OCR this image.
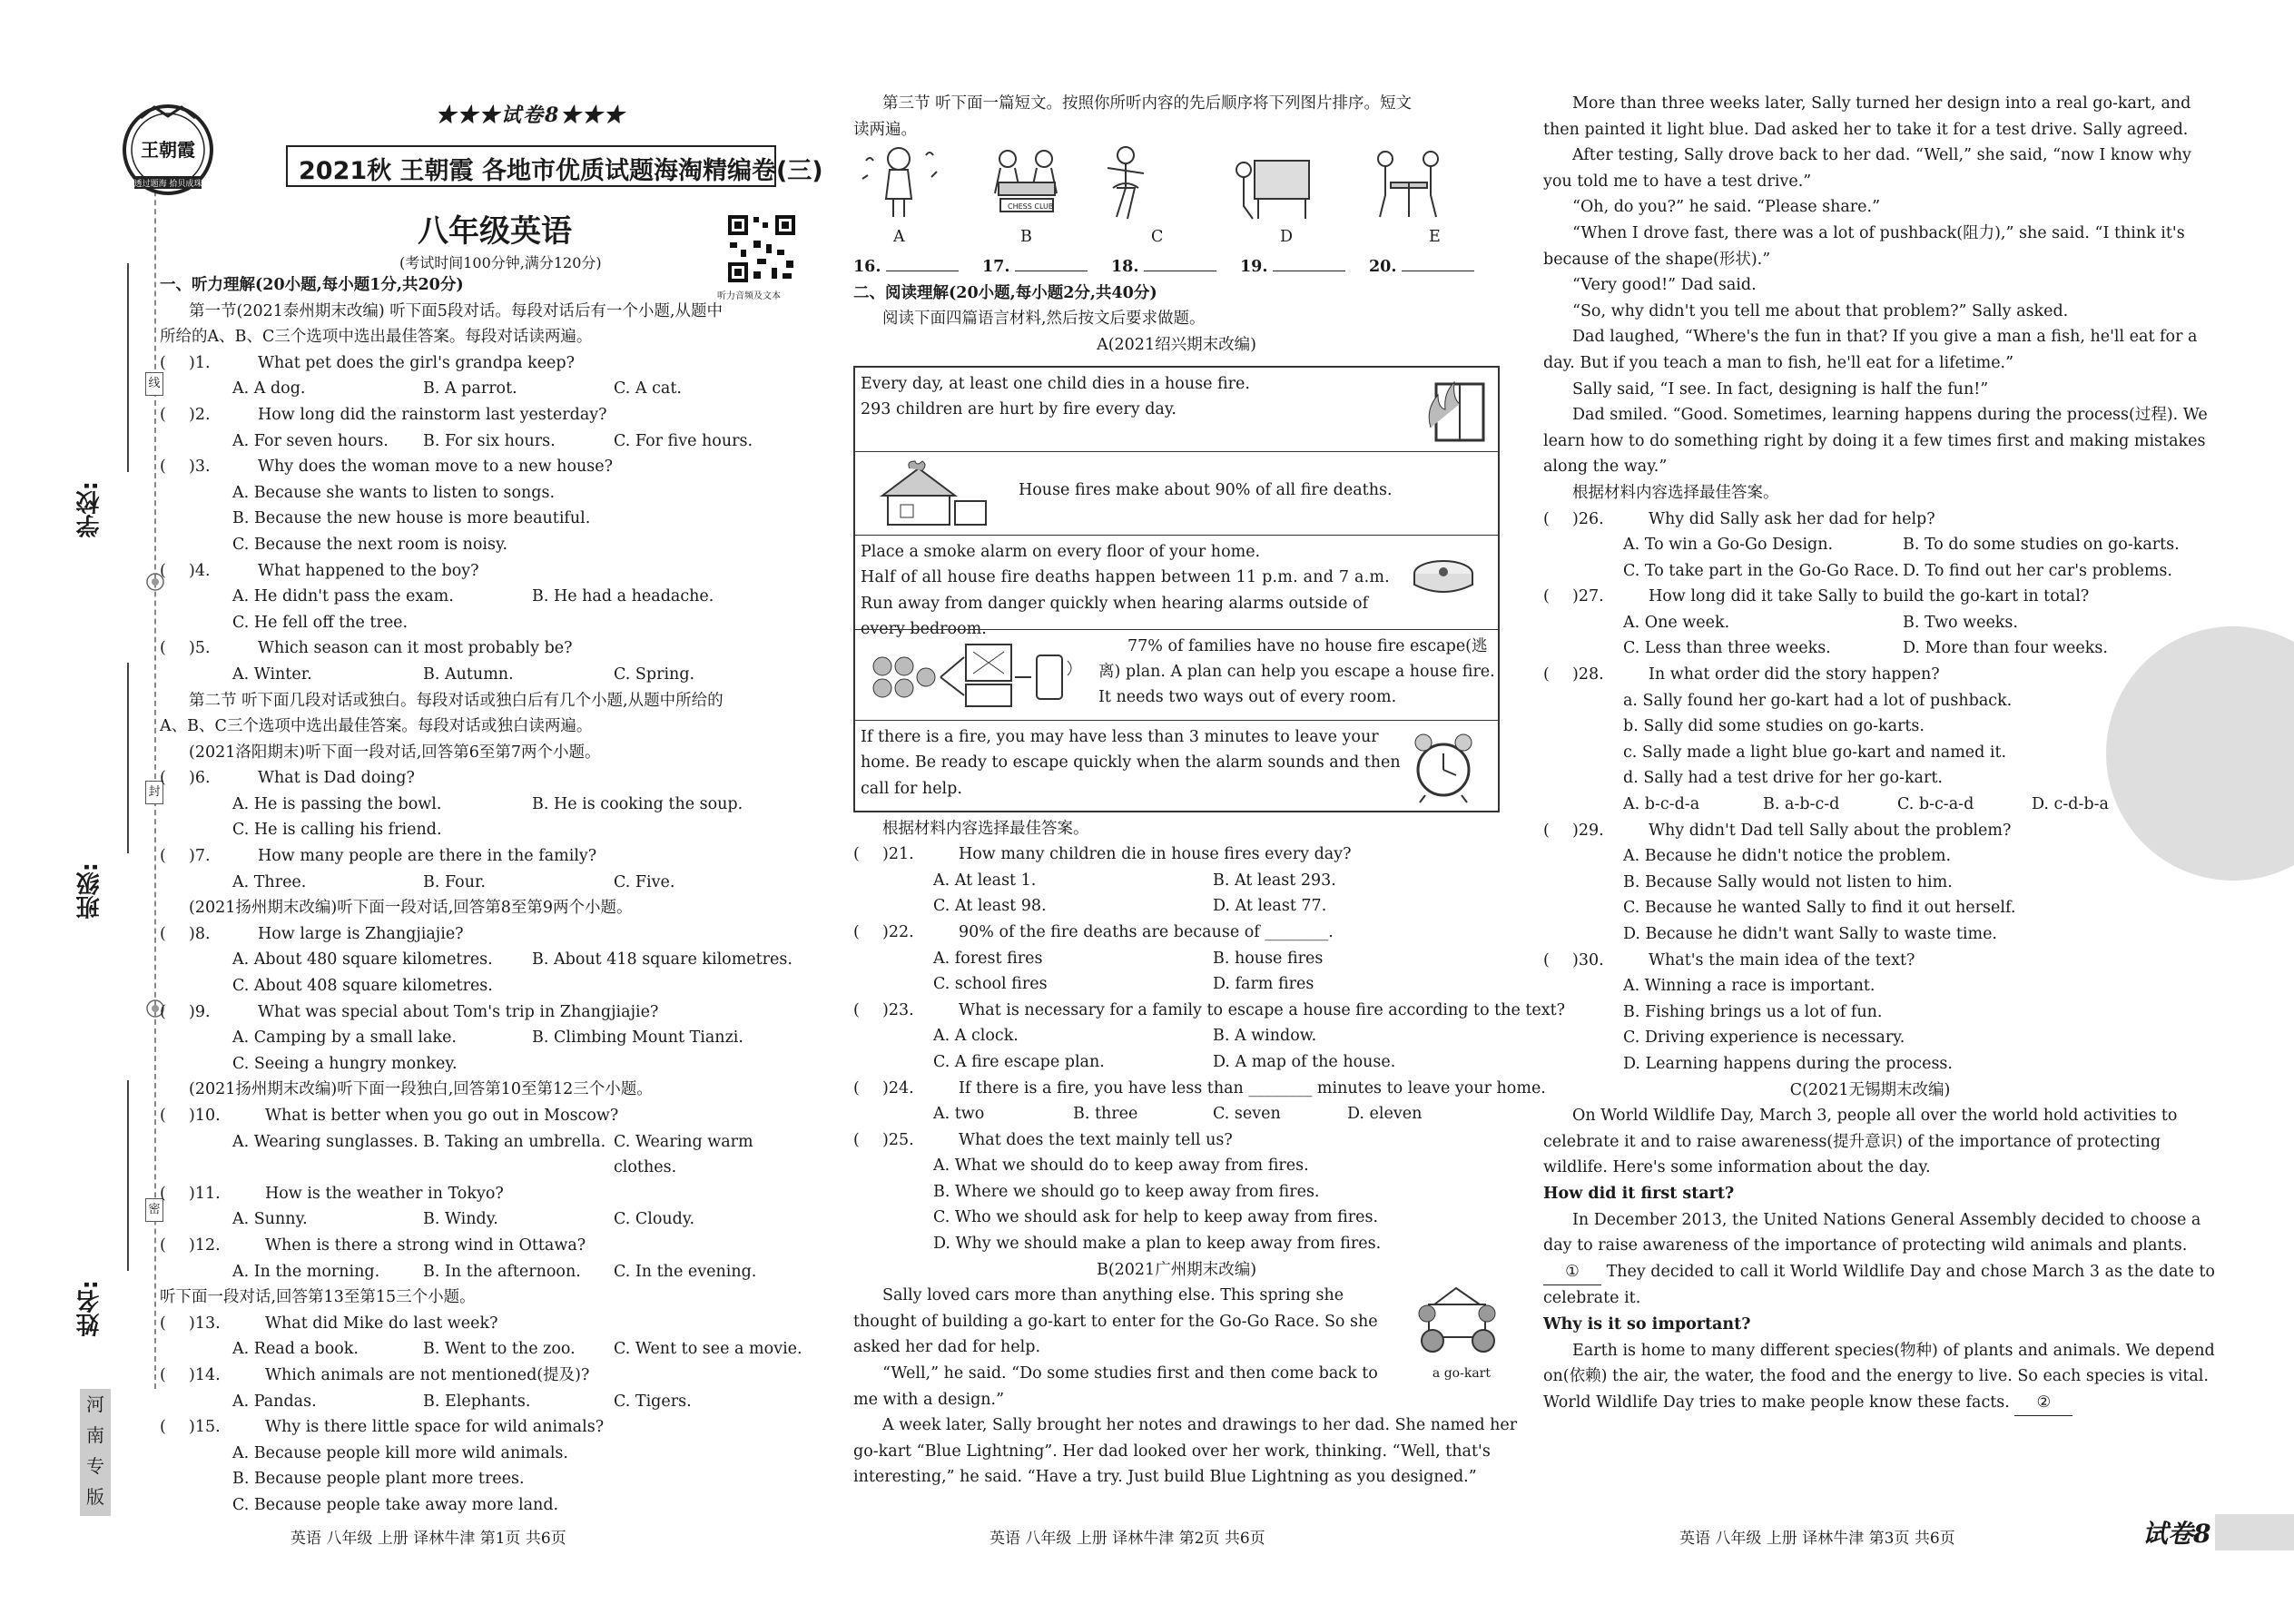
学校:
班级:
姓名:
线
封
密
河南专版
王朝霞
透过题海 拾贝成珠
★★★试卷8★★★
2021秋 王朝霞 各地市优质试题海淘精编卷(三)
八年级英语
(考试时间100分钟,满分120分)
听力音频及文本
一、听力理解(20小题,每小题1分,共20分)
第一节(2021泰州期末改编) 听下面5段对话。每段对话后有一个小题,从题中
所给的A、B、C三个选项中选出最佳答案。每段对话读两遍。
( )1.	What pet does the girl's grandpa keep?
A. A dog.	B. A parrot.	C. A cat.
( )2.	How long did the rainstorm last yesterday?
A. For seven hours.	B. For six hours.	C. For five hours.
( )3.	Why does the woman move to a new house?
A. Because she wants to listen to songs.
B. Because the new house is more beautiful.
C. Because the next room is noisy.
( )4.	What happened to the boy?
A. He didn't pass the exam.	B. He had a headache.
C. He fell off the tree.
( )5.	Which season can it most probably be?
A. Winter.	B. Autumn.	C. Spring.
第二节 听下面几段对话或独白。每段对话或独白后有几个小题,从题中所给的
A、B、C三个选项中选出最佳答案。每段对话或独白读两遍。
(2021洛阳期末)听下面一段对话,回答第6至第7两个小题。
( )6.	What is Dad doing?
A. He is passing the bowl.	B. He is cooking the soup.
C. He is calling his friend.
( )7.	How many people are there in the family?
A. Three.	B. Four.	C. Five.
(2021扬州期末改编)听下面一段对话,回答第8至第9两个小题。
( )8.	How large is Zhangjiajie?
A. About 480 square kilometres.	B. About 418 square kilometres.
C. About 408 square kilometres.
( )9.	What was special about Tom's trip in Zhangjiajie?
A. Camping by a small lake.	B. Climbing Mount Tianzi.
C. Seeing a hungry monkey.
(2021扬州期末改编)听下面一段独白,回答第10至第12三个小题。
( )10.	What is better when you go out in Moscow?
A. Wearing sunglasses. B. Taking an umbrella. C. Wearing warm clothes.
( )11.	How is the weather in Tokyo?
A. Sunny.	B. Windy.	C. Cloudy.
( )12.	When is there a strong wind in Ottawa?
A. In the morning.	B. In the afternoon.	C. In the evening.
听下面一段对话,回答第13至第15三个小题。
( )13.	What did Mike do last week?
A. Read a book.	B. Went to the zoo.	C. Went to see a movie.
( )14.	Which animals are not mentioned(提及)?
A. Pandas.	B. Elephants.	C. Tigers.
( )15.	Why is there little space for wild animals?
A. Because people kill more wild animals.
B. Because people plant more trees.
C. Because people take away more land.
第三节 听下面一篇短文。按照你所听内容的先后顺序将下列图片排序。短文
读两遍。
CHESS CLUB
A	B	C	D	E
16.	17.	18.	19.	20.
二、阅读理解(20小题,每小题2分,共40分)
阅读下面四篇语言材料,然后按文后要求做题。
A(2021绍兴期末改编)
Every day, at least one child dies in a house fire.
293 children are hurt by fire every day.
House fires make about 90% of all fire deaths.
Place a smoke alarm on every floor of your home.
Half of all house fire deaths happen between 11 p.m. and 7 a.m.
Run away from danger quickly when hearing alarms outside of
every bedroom.
77% of families have no house fire escape(逃
离) plan. A plan can help you escape a house fire.
It needs two ways out of every room.
If there is a fire, you may have less than 3 minutes to leave your
home. Be ready to escape quickly when the alarm sounds and then
call for help.
根据材料内容选择最佳答案。
( )21.	How many children die in house fires every day?
A. At least 1.	B. At least 293.
C. At least 98.	D. At least 77.
( )22.	90% of the fire deaths are because of ________.
A. forest fires	B. house fires
C. school fires	D. farm fires
( )23.	What is necessary for a family to escape a house fire according to the text?
A. A clock.	B. A window.
C. A fire escape plan.	D. A map of the house.
( )24.	If there is a fire, you have less than ________ minutes to leave your home.
A. two	B. three	C. seven	D. eleven
( )25.	What does the text mainly tell us?
A. What we should do to keep away from fires.
B. Where we should go to keep away from fires.
C. Who we should ask for help to keep away from fires.
D. Why we should make a plan to keep away from fires.
B(2021广州期末改编)
a go-kart
Sally loved cars more than anything else. This spring she
thought of building a go-kart to enter for the Go-Go Race. So she
asked her dad for help.
“Well,” he said. “Do some studies first and then come back to
me with a design.”
A week later, Sally brought her notes and drawings to her dad. She named her
go-kart “Blue Lightning”. Her dad looked over her work, thinking. “Well, that's
interesting,” he said. “Have a try. Just build Blue Lightning as you designed.”
More than three weeks later, Sally turned her design into a real go-kart, and
then painted it light blue. Dad asked her to take it for a test drive. Sally agreed.
After testing, Sally drove back to her dad. “Well,” she said, “now I know why
you told me to have a test drive.”
“Oh, do you?” he said. “Please share.”
“When I drove fast, there was a lot of pushback(阻力),” she said. “I think it's
because of the shape(形状).”
“Very good!” Dad said.
“So, why didn't you tell me about that problem?” Sally asked.
Dad laughed, “Where's the fun in that? If you give a man a fish, he'll eat for a
day. But if you teach a man to fish, he'll eat for a lifetime.”
Sally said, “I see. In fact, designing is half the fun!”
Dad smiled. “Good. Sometimes, learning happens during the process(过程). We
learn how to do something right by doing it a few times first and making mistakes
along the way.”
根据材料内容选择最佳答案。
( )26.	Why did Sally ask her dad for help?
A. To win a Go-Go Design.	B. To do some studies on go-karts.
C. To take part in the Go-Go Race. D. To find out her car's problems.
( )27.	How long did it take Sally to build the go-kart in total?
A. One week.	B. Two weeks.
C. Less than three weeks.	D. More than four weeks.
( )28.	In what order did the story happen?
a. Sally found her go-kart had a lot of pushback.
b. Sally did some studies on go-karts.
c. Sally made a light blue go-kart and named it.
d. Sally had a test drive for her go-kart.
A. b-c-d-a	B. a-b-c-d	C. b-c-a-d	D. c-d-b-a
( )29.	Why didn't Dad tell Sally about the problem?
A. Because he didn't notice the problem.
B. Because Sally would not listen to him.
C. Because he wanted Sally to find it out herself.
D. Because he didn't want Sally to waste time.
( )30.	What's the main idea of the text?
A. Winning a race is important.
B. Fishing brings us a lot of fun.
C. Driving experience is necessary.
D. Learning happens during the process.
C(2021无锡期末改编)
On World Wildlife Day, March 3, people all over the world hold activities to
celebrate it and to raise awareness(提升意识) of the importance of protecting
wildlife. Here's some information about the day.
How did it first start?
In December 2013, the United Nations General Assembly decided to choose a
day to raise awareness of the importance of protecting wild animals and plants.
① They decided to call it World Wildlife Day and chose March 3 as the date to
celebrate it.
Why is it so important?
Earth is home to many different species(物种) of plants and animals. We depend
on(依赖) the air, the water, the food and the energy to live. So each species is vital.
World Wildlife Day tries to make people know these facts. ②
英语 八年级 上册 译林牛津 第1页 共6页	英语 八年级 上册 译林牛津 第2页 共6页	英语 八年级 上册 译林牛津 第3页 共6页	试卷8
